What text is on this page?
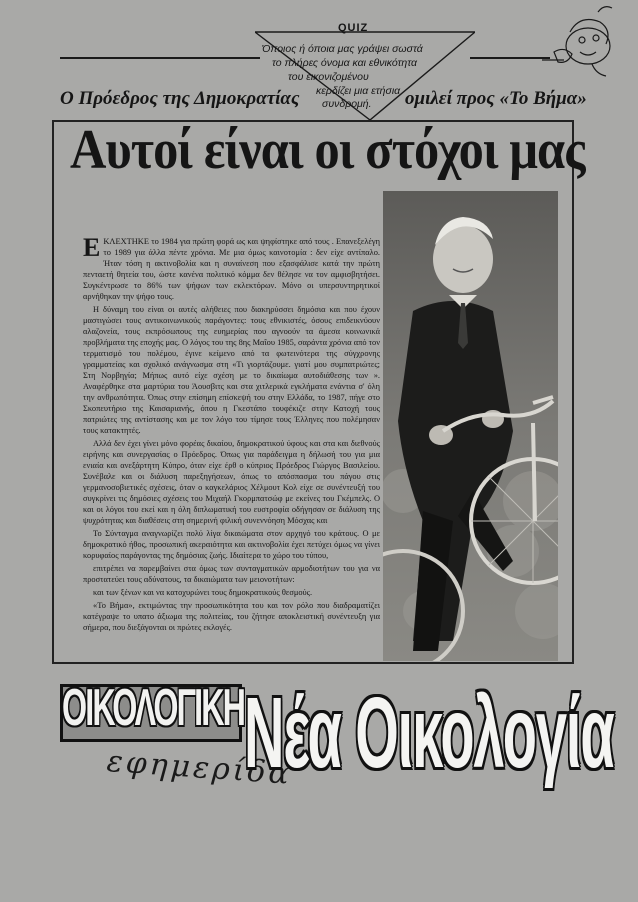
QUIZ
Όποιος ή όποια μας γράψει σωστά
το πλήρες όνομα και εθνικότητα
του εικονιζομένου
κερδίζει μια ετήσια
συνδρομή.
Ο Πρόεδρος της Δημοκρατίας	ομιλεί προς «Το Βήμα»
Αυτοί είναι οι στόχοι μας

ΕΚΛΕΧΤΗΚΕ το 1984 για πρώτη φορά ως και ψηφίστηκε από τους . Επανεξελέγη το 1989 για άλλα πέντε χρόνια. Με μια όμως καινοτομία : δεν είχε αντίπαλο. Ήταν τόση η ακτινοβολία και η συναίνεση που εξασφάλισε κατά την πρώτη πενταετή θητεία του, ώστε κανένα πολιτικό κόμμα δεν θέλησε να τον αμφισβητήσει. Συγκέντρωσε το 86% των ψήφων των εκλεκτόρων. Μόνο οι υπερσυντηρητικοί αρνήθηκαν την ψήφο τους.

Η δύναμη του είναι οι αυτές αλήθειες που διακηρύσσει δημόσια και που έχουν μαστιγώσει τους αντικοινωνικούς παράγοντες: τους εθνικιστές, όσους επιδεικνύουν αλαζονεία, τους εκπρόσωπους της ευημερίας που αγνοούν τα άμεσα κοινωνικά προβλήματα της εποχής μας. Ο λόγος του της 8ης Μαΐου 1985, σαράντα χρόνια από τον τερματισμό του πολέμου, έγινε κείμενο από τα φωτεινότερα της σύγχρονης γραμματείας και σχολικό ανάγνωσμα στη «Τι γιορτάζουμε. γιατί μου συμπατριώτες; Στη Νορβηγία; Μήπως αυτό είχε σχέση με το δικαίωμα αυτοδιάθεσης των ». Αναφέρθηκε στα μαρτύρια του Άουσβιτς και στα χιτλερικά εγκλήματα ενάντια σ' όλη την ανθρωπότητα. Όπως στην επίσημη επίσκεψή του στην Ελλάδα, το 1987, πήγε στο Σκοπευτήριο της Καισαριανής, όπου η Γκεστάπο τουφέκιζε στην Κατοχή τους πατριώτες της αντίστασης και με τον λόγο του τίμησε τους Έλληνες που πολέμησαν τους κατακτητές.

Αλλά δεν έχει γίνει μόνο φορέας δικαίου, δημοκρατικού ύφους και στα και διεθνούς ειρήνης και συνεργασίας ο Πρόεδρος. Όπως για παράδειγμα η δήλωσή του για μια ενιαία και ανεξάρτητη Κύπρο, όταν είχε έρθ ο κύπριος Πρόεδρος Γιώργος Βασιλείου. Συνέβαλε και οι διάλυση παρεξηγήσεων, όπως το απόσπασμα του πάγου στις γερμανοσοβιετικές σχέσεις, όταν ο καγκελάριος Χέλμουτ Κολ είχε σε συνέντευξή του συγκρίνει τις δημόσιες σχέσεις του Μιχαήλ Γκορμπατσώφ με εκείνες του Γκέμπελς. Ο και οι λόγοι του εκεί και η όλη διπλωματική του ευστροφία οδήγησαν σε διάλυση της ψυχρότητας και διαθέσεις στη σημερινή φιλική συνεννόηση Μόσχας και

Το Σύνταγμα αναγνωρίζει πολύ λίγα δικαιώματα στον αρχηγό του κράτους. Ο με δημοκρατικό ήθος, προσωπική ακεραιότητα και ακτινοβολία έχει πετύχει όμως να γίνει κορυφαίος παράγοντας της δημόσιας ζωής. Ιδιαίτερα το χώρο του τύπου,

επιτρέπει να παρεμβαίνει στα όμως των συνταγματικών αρμοδιοτήτων του για να προστατεύει τους αδύνατους, τα δικαιώματα των μειονοτήτων:

και των ξένων και να κατοχυρώνει τους δημοκρατικούς θεσμούς.

«Το Βήμα», εκτιμώντας την προσωπικότητα του και τον ρόλο που διαδραματίζει κατέγραψε το υπατο άξιωμα της πολιτείας, του ζήτησε αποκλειστική συνέντευξη για σήμερα, που διεξάγονται οι πρώτες εκλογές.

ΟΙΚΟΛΟΓΙΚΗ
εφημερίδα
Νέα Οικολογία
